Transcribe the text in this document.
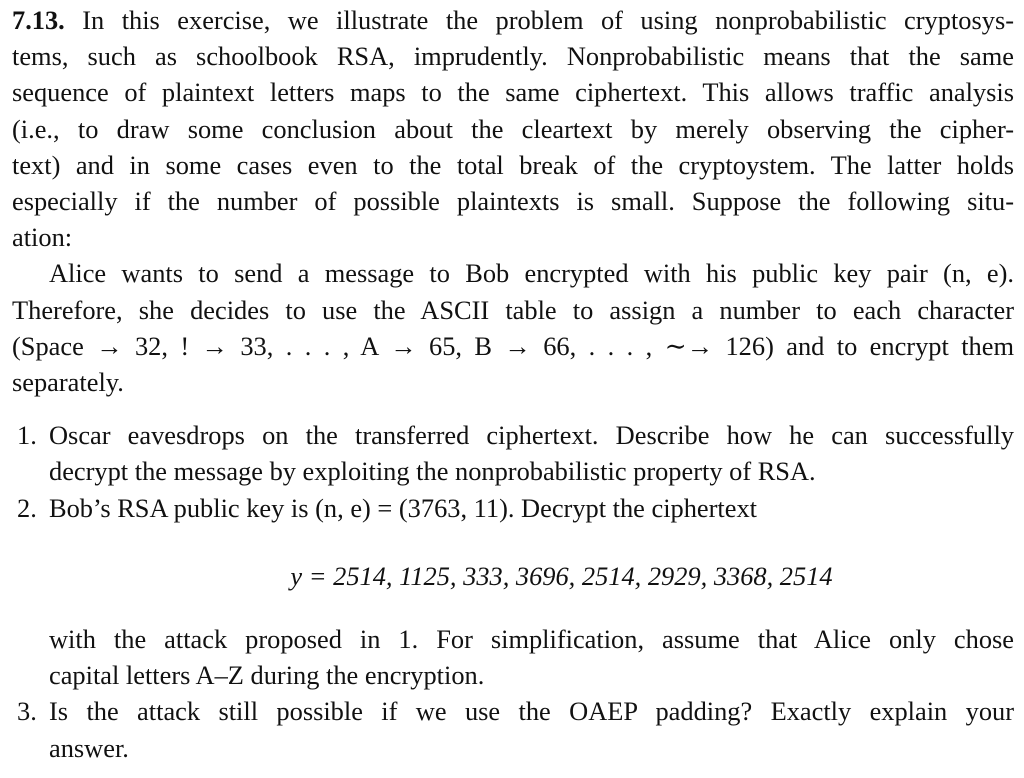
7.13. In this exercise, we illustrate the problem of using nonprobabilistic cryptosys-
tems, such as schoolbook RSA, imprudently. Nonprobabilistic means that the same
sequence of plaintext letters maps to the same ciphertext. This allows traffic analysis
(i.e., to draw some conclusion about the cleartext by merely observing the cipher-
text) and in some cases even to the total break of the cryptoystem. The latter holds
especially if the number of possible plaintexts is small. Suppose the following situ-
ation:
Alice wants to send a message to Bob encrypted with his public key pair (n, e).
Therefore, she decides to use the ASCII table to assign a number to each character
(Space → 32, ! → 33, . . . , A → 65, B → 66, . . . , ∼→ 126) and to encrypt them
separately.
1. Oscar eavesdrops on the transferred ciphertext. Describe how he can successfully
decrypt the message by exploiting the nonprobabilistic property of RSA.
2. Bob’s RSA public key is (n, e) = (3763, 11). Decrypt the ciphertext
y = 2514, 1125, 333, 3696, 2514, 2929, 3368, 2514
with the attack proposed in 1. For simplification, assume that Alice only chose
capital letters A–Z during the encryption.
3. Is the attack still possible if we use the OAEP padding? Exactly explain your
answer.
